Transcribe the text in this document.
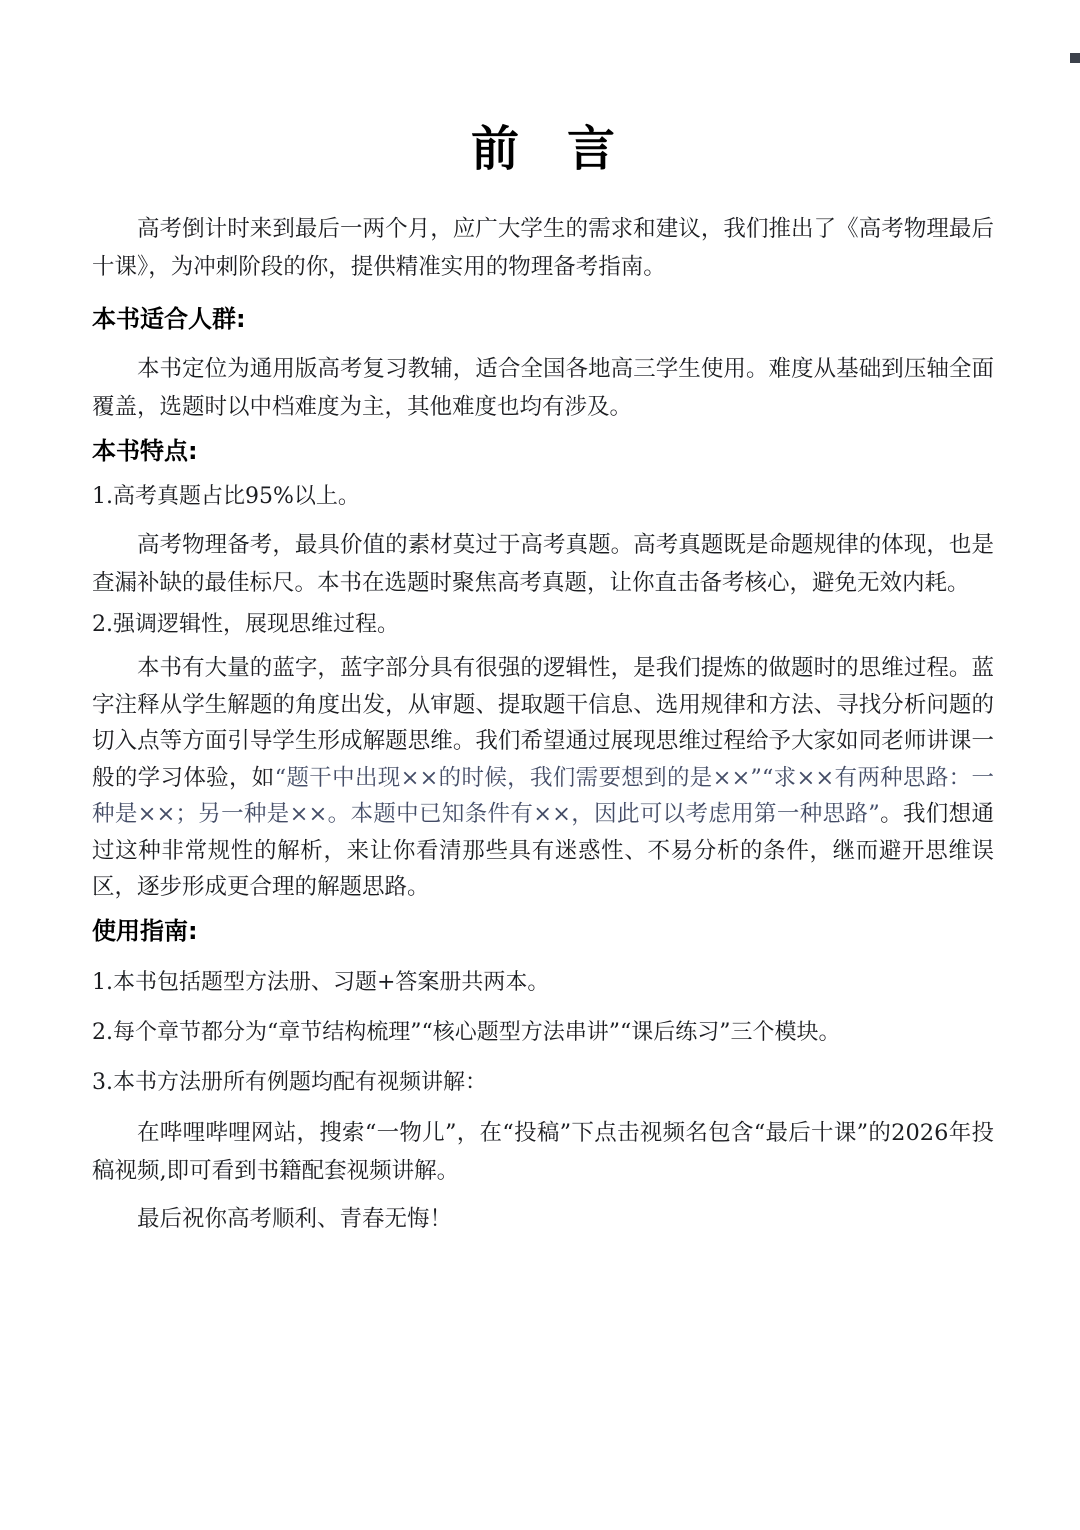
前　言

高考倒计时来到最后一两个月，应广大学生的需求和建议，我们推出了《高考物理最后十课》，为冲刺阶段的你，提供精准实用的物理备考指南。

本书适合人群:

本书定位为通用版高考复习教辅，适合全国各地高三学生使用。难度从基础到压轴全面覆盖，选题时以中档难度为主，其他难度也均有涉及。

本书特点:

1.高考真题占比95%以上。

高考物理备考，最具价值的素材莫过于高考真题。高考真题既是命题规律的体现，也是查漏补缺的最佳标尺。本书在选题时聚焦高考真题，让你直击备考核心，避免无效内耗。

2.强调逻辑性，展现思维过程。

本书有大量的蓝字，蓝字部分具有很强的逻辑性，是我们提炼的做题时的思维过程。蓝字注释从学生解题的角度出发，从审题、提取题干信息、选用规律和方法、寻找分析问题的切入点等方面引导学生形成解题思维。我们希望通过展现思维过程给予大家如同老师讲课一般的学习体验，如“题干中出现××的时候，我们需要想到的是××”“求××有两种思路：一种是××；另一种是××。本题中已知条件有××，因此可以考虑用第一种思路”。我们想通过这种非常规性的解析，来让你看清那些具有迷惑性、不易分析的条件，继而避开思维误区，逐步形成更合理的解题思路。

使用指南:

1.本书包括题型方法册、习题+答案册共两本。

2.每个章节都分为“章节结构梳理”“核心题型方法串讲”“课后练习”三个模块。

3.本书方法册所有例题均配有视频讲解：

在哔哩哔哩网站，搜索“一物儿”，在“投稿”下点击视频名包含“最后十课”的2026年投稿视频,即可看到书籍配套视频讲解。

最后祝你高考顺利、青春无悔！
